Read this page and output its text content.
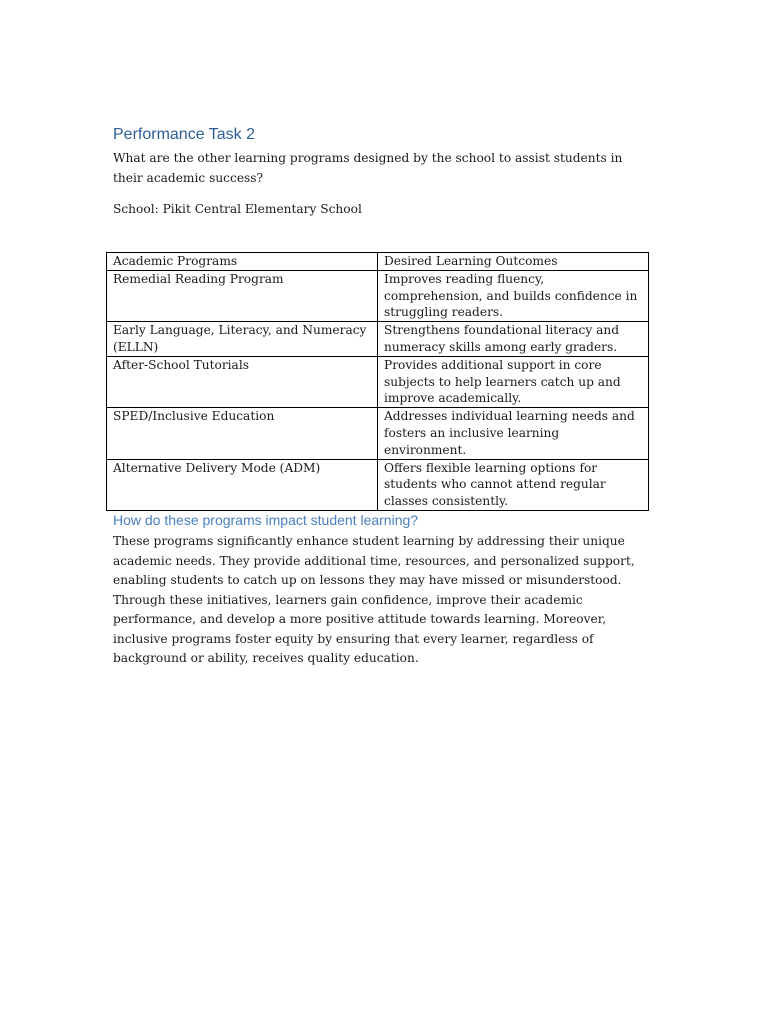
Performance Task 2

What are the other learning programs designed by the school to assist students in their academic success?

School: Pikit Central Elementary School

Academic Programs	Desired Learning Outcomes
Remedial Reading Program	Improves reading fluency, comprehension, and builds confidence in struggling readers.
Early Language, Literacy, and Numeracy (ELLN)	Strengthens foundational literacy and numeracy skills among early graders.
After-School Tutorials	Provides additional support in core subjects to help learners catch up and improve academically.
SPED/Inclusive Education	Addresses individual learning needs and fosters an inclusive learning environment.
Alternative Delivery Mode (ADM)	Offers flexible learning options for students who cannot attend regular classes consistently.
How do these programs impact student learning?

These programs significantly enhance student learning by addressing their unique academic needs. They provide additional time, resources, and personalized support, enabling students to catch up on lessons they may have missed or misunderstood. Through these initiatives, learners gain confidence, improve their academic performance, and develop a more positive attitude towards learning. Moreover, inclusive programs foster equity by ensuring that every learner, regardless of background or ability, receives quality education.
